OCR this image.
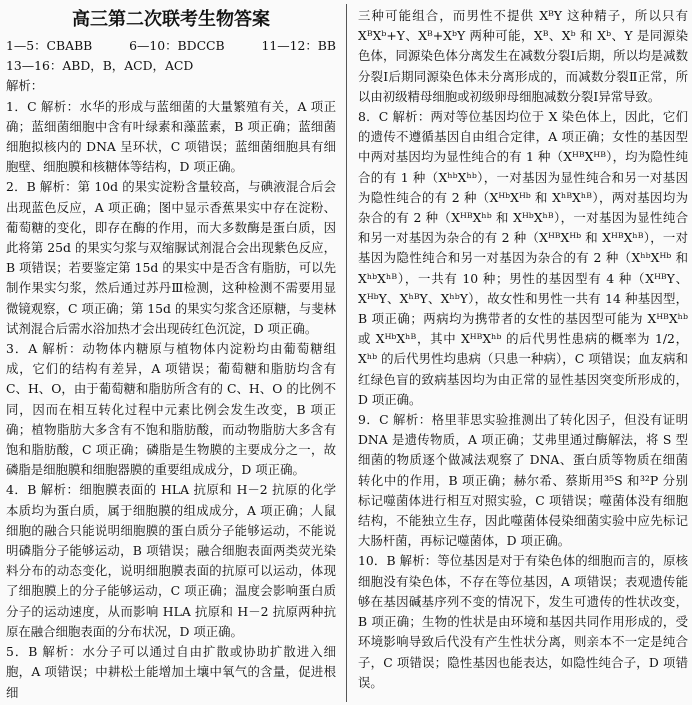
高三第二次联考生物答案
1—5：CBABB	6—10：BDCCB	11—12：BB
13—16：ABD，B，ACD，ACD
解析：

1．C 解析：水华的形成与蓝细菌的大量繁殖有关，A 项正确；蓝细菌细胞中含有叶绿素和藻蓝素，B 项正确；蓝细菌细胞拟核内的 DNA 呈环状，C 项错误；蓝细菌细胞具有细胞壁、细胞膜和核糖体等结构，D 项正确。

2．B 解析：第 10d 的果实淀粉含量较高，与碘液混合后会出现蓝色反应，A 项正确；图中显示香蕉果实中存在淀粉、葡萄糖的变化，即存在酶的作用，而大多数酶是蛋白质，因此将第 25d 的果实匀浆与双缩脲试剂混合会出现紫色反应，B 项错误；若要鉴定第 15d 的果实中是否含有脂肪，可以先制作果实匀浆，然后通过苏丹Ⅲ检测，这种检测不需要用显微镜观察，C 项正确；第 15d 的果实匀浆含还原糖，与斐林试剂混合后需水浴加热才会出现砖红色沉淀，D 项正确。

3．A 解析：动物体内糖原与植物体内淀粉均由葡萄糖组成，它们的结构有差异，A 项错误；葡萄糖和脂肪均含有 C、H、O，由于葡萄糖和脂肪所含有的 C、H、O 的比例不同，因而在相互转化过程中元素比例会发生改变，B 项正确；植物脂肪大多含有不饱和脂肪酸，而动物脂肪大多含有饱和脂肪酸，C 项正确；磷脂是生物膜的主要成分之一，故磷脂是细胞膜和细胞器膜的重要组成成分，D 项正确。

4．B 解析：细胞膜表面的 HLA 抗原和 H－2 抗原的化学本质均为蛋白质，属于细胞膜的组成成分，A 项正确；人鼠细胞的融合只能说明细胞膜的蛋白质分子能够运动，不能说明磷脂分子能够运动，B 项错误；融合细胞表面两类荧光染料分布的动态变化，说明细胞膜表面的抗原可以运动，体现了细胞膜上的分子能够运动，C 项正确；温度会影响蛋白质分子的运动速度，从而影响 HLA 抗原和 H－2 抗原两种抗原在融合细胞表面的分布状况，D 项正确。

5．B 解析：水分子可以通过自由扩散或协助扩散进入细胞，A 项错误；中耕松土能增加土壤中氧气的含量，促进根细

三种可能组合，而男性不提供 XᴮY 这种精子，所以只有 XᴮXᵇ+Y、Xᴮ+XᵇY 两种可能，Xᴮ、Xᵇ 和 Xᵇ、Y 是同源染色体，同源染色体分离发生在减数分裂Ⅰ后期，所以均是减数分裂Ⅰ后期同源染色体未分离形成的，而减数分裂Ⅱ正常，所以由初级精母细胞或初级卵母细胞减数分裂Ⅰ异常导致。

8．C 解析：两对等位基因均位于 X 染色体上，因此，它们的遗传不遵循基因自由组合定律，A 项正确；女性的基因型中两对基因均为显性纯合的有 1 种（XᴴᴮXᴴᴮ），均为隐性纯合的有 1 种（XʰᵇXʰᵇ），一对基因为显性纯合和另一对基因为隐性纯合的有 2 种（XᴴᵇXᴴᵇ 和 XʰᴮXʰᴮ），两对基因均为杂合的有 2 种（XᴴᴮXʰᵇ 和 XᴴᵇXʰᴮ），一对基因为显性纯合和另一对基因为杂合的有 2 种（XᴴᴮXᴴᵇ 和 XᴴᴮXʰᴮ），一对基因为隐性纯合和另一对基因为杂合的有 2 种（XʰᵇXᴴᵇ 和 XʰᵇXʰᴮ），一共有 10 种；男性的基因型有 4 种（XᴴᴮY、XᴴᵇY、XʰᴮY、XʰᵇY），故女性和男性一共有 14 种基因型，B 项正确；两病均为携带者的女性的基因型可能为 XᴴᴮXʰᵇ 或 XᴴᵇXʰᴮ，其中 XᴴᴮXʰᵇ 的后代男性患病的概率为 1/2，Xʰᵇ 的后代男性均患病（只患一种病），C 项错误；血友病和红绿色盲的致病基因均为由正常的显性基因突变所形成的，D 项正确。

9．C 解析：格里菲思实验推测出了转化因子，但没有证明 DNA 是遗传物质，A 项正确；艾弗里通过酶解法，将 S 型细菌的物质逐个做减法观察了 DNA、蛋白质等物质在细菌转化中的作用，B 项正确；赫尔希、蔡斯用³⁵S 和³²P 分别标记噬菌体进行相互对照实验，C 项错误；噬菌体没有细胞结构，不能独立生存，因此噬菌体侵染细菌实验中应先标记大肠杆菌，再标记噬菌体，D 项正确。

10．B 解析：等位基因是对于有染色体的细胞而言的，原核细胞没有染色体，不存在等位基因，A 项错误；表观遗传能够在基因碱基序列不变的情况下，发生可遗传的性状改变，B 项正确；生物的性状是由环境和基因共同作用形成的，受环境影响导致后代没有产生性状分离，则亲本不一定是纯合子，C 项错误；隐性基因也能表达，如隐性纯合子，D 项错误。
